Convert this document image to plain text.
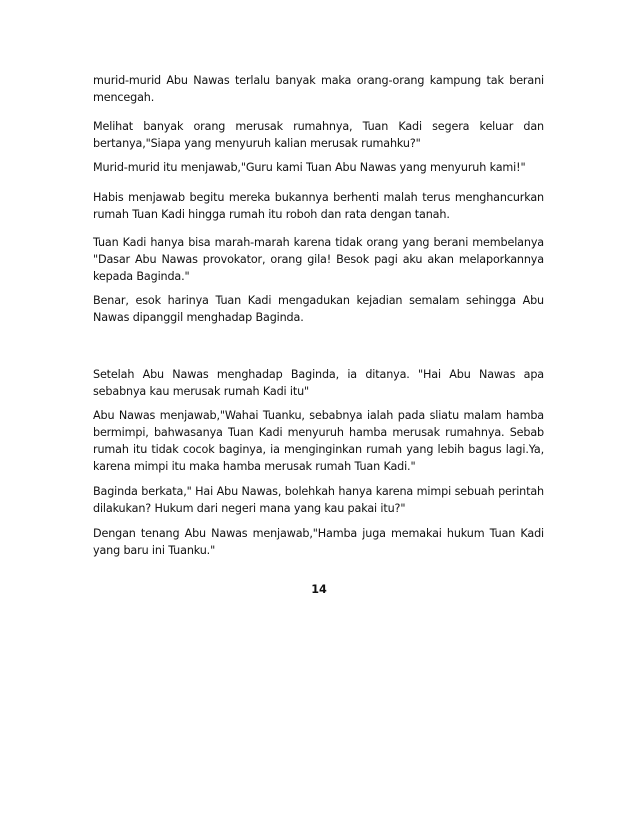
murid-murid Abu Nawas terlalu banyak maka orang-orang kampung tak berani mencegah.

Melihat banyak orang merusak rumahnya, Tuan Kadi segera keluar dan bertanya,"Siapa yang menyuruh kalian merusak rumahku?"

Murid-murid itu menjawab,"Guru kami Tuan Abu Nawas yang menyuruh kami!"

Habis menjawab begitu mereka bukannya berhenti malah terus menghancurkan rumah Tuan Kadi hingga rumah itu roboh dan rata dengan tanah.

Tuan Kadi hanya bisa marah-marah karena tidak orang yang berani membelanya "Dasar Abu Nawas provokator, orang gila! Besok pagi aku akan melaporkannya kepada Baginda."

Benar, esok harinya Tuan Kadi mengadukan kejadian semalam sehingga Abu Nawas dipanggil menghadap Baginda.

Setelah Abu Nawas menghadap Baginda, ia ditanya. "Hai Abu Nawas apa sebabnya kau merusak rumah Kadi itu"

Abu Nawas menjawab,"Wahai Tuanku, sebabnya ialah pada sliatu malam hamba bermimpi, bahwasanya Tuan Kadi menyuruh hamba merusak rumahnya. Sebab rumah itu tidak cocok baginya, ia menginginkan rumah yang lebih bagus lagi.Ya, karena mimpi itu maka hamba merusak rumah Tuan Kadi."

Baginda berkata," Hai Abu Nawas, bolehkah hanya karena mimpi sebuah perintah dilakukan? Hukum dari negeri mana yang kau pakai itu?"

Dengan tenang Abu Nawas menjawab,"Hamba juga memakai hukum Tuan Kadi yang baru ini Tuanku."

14
